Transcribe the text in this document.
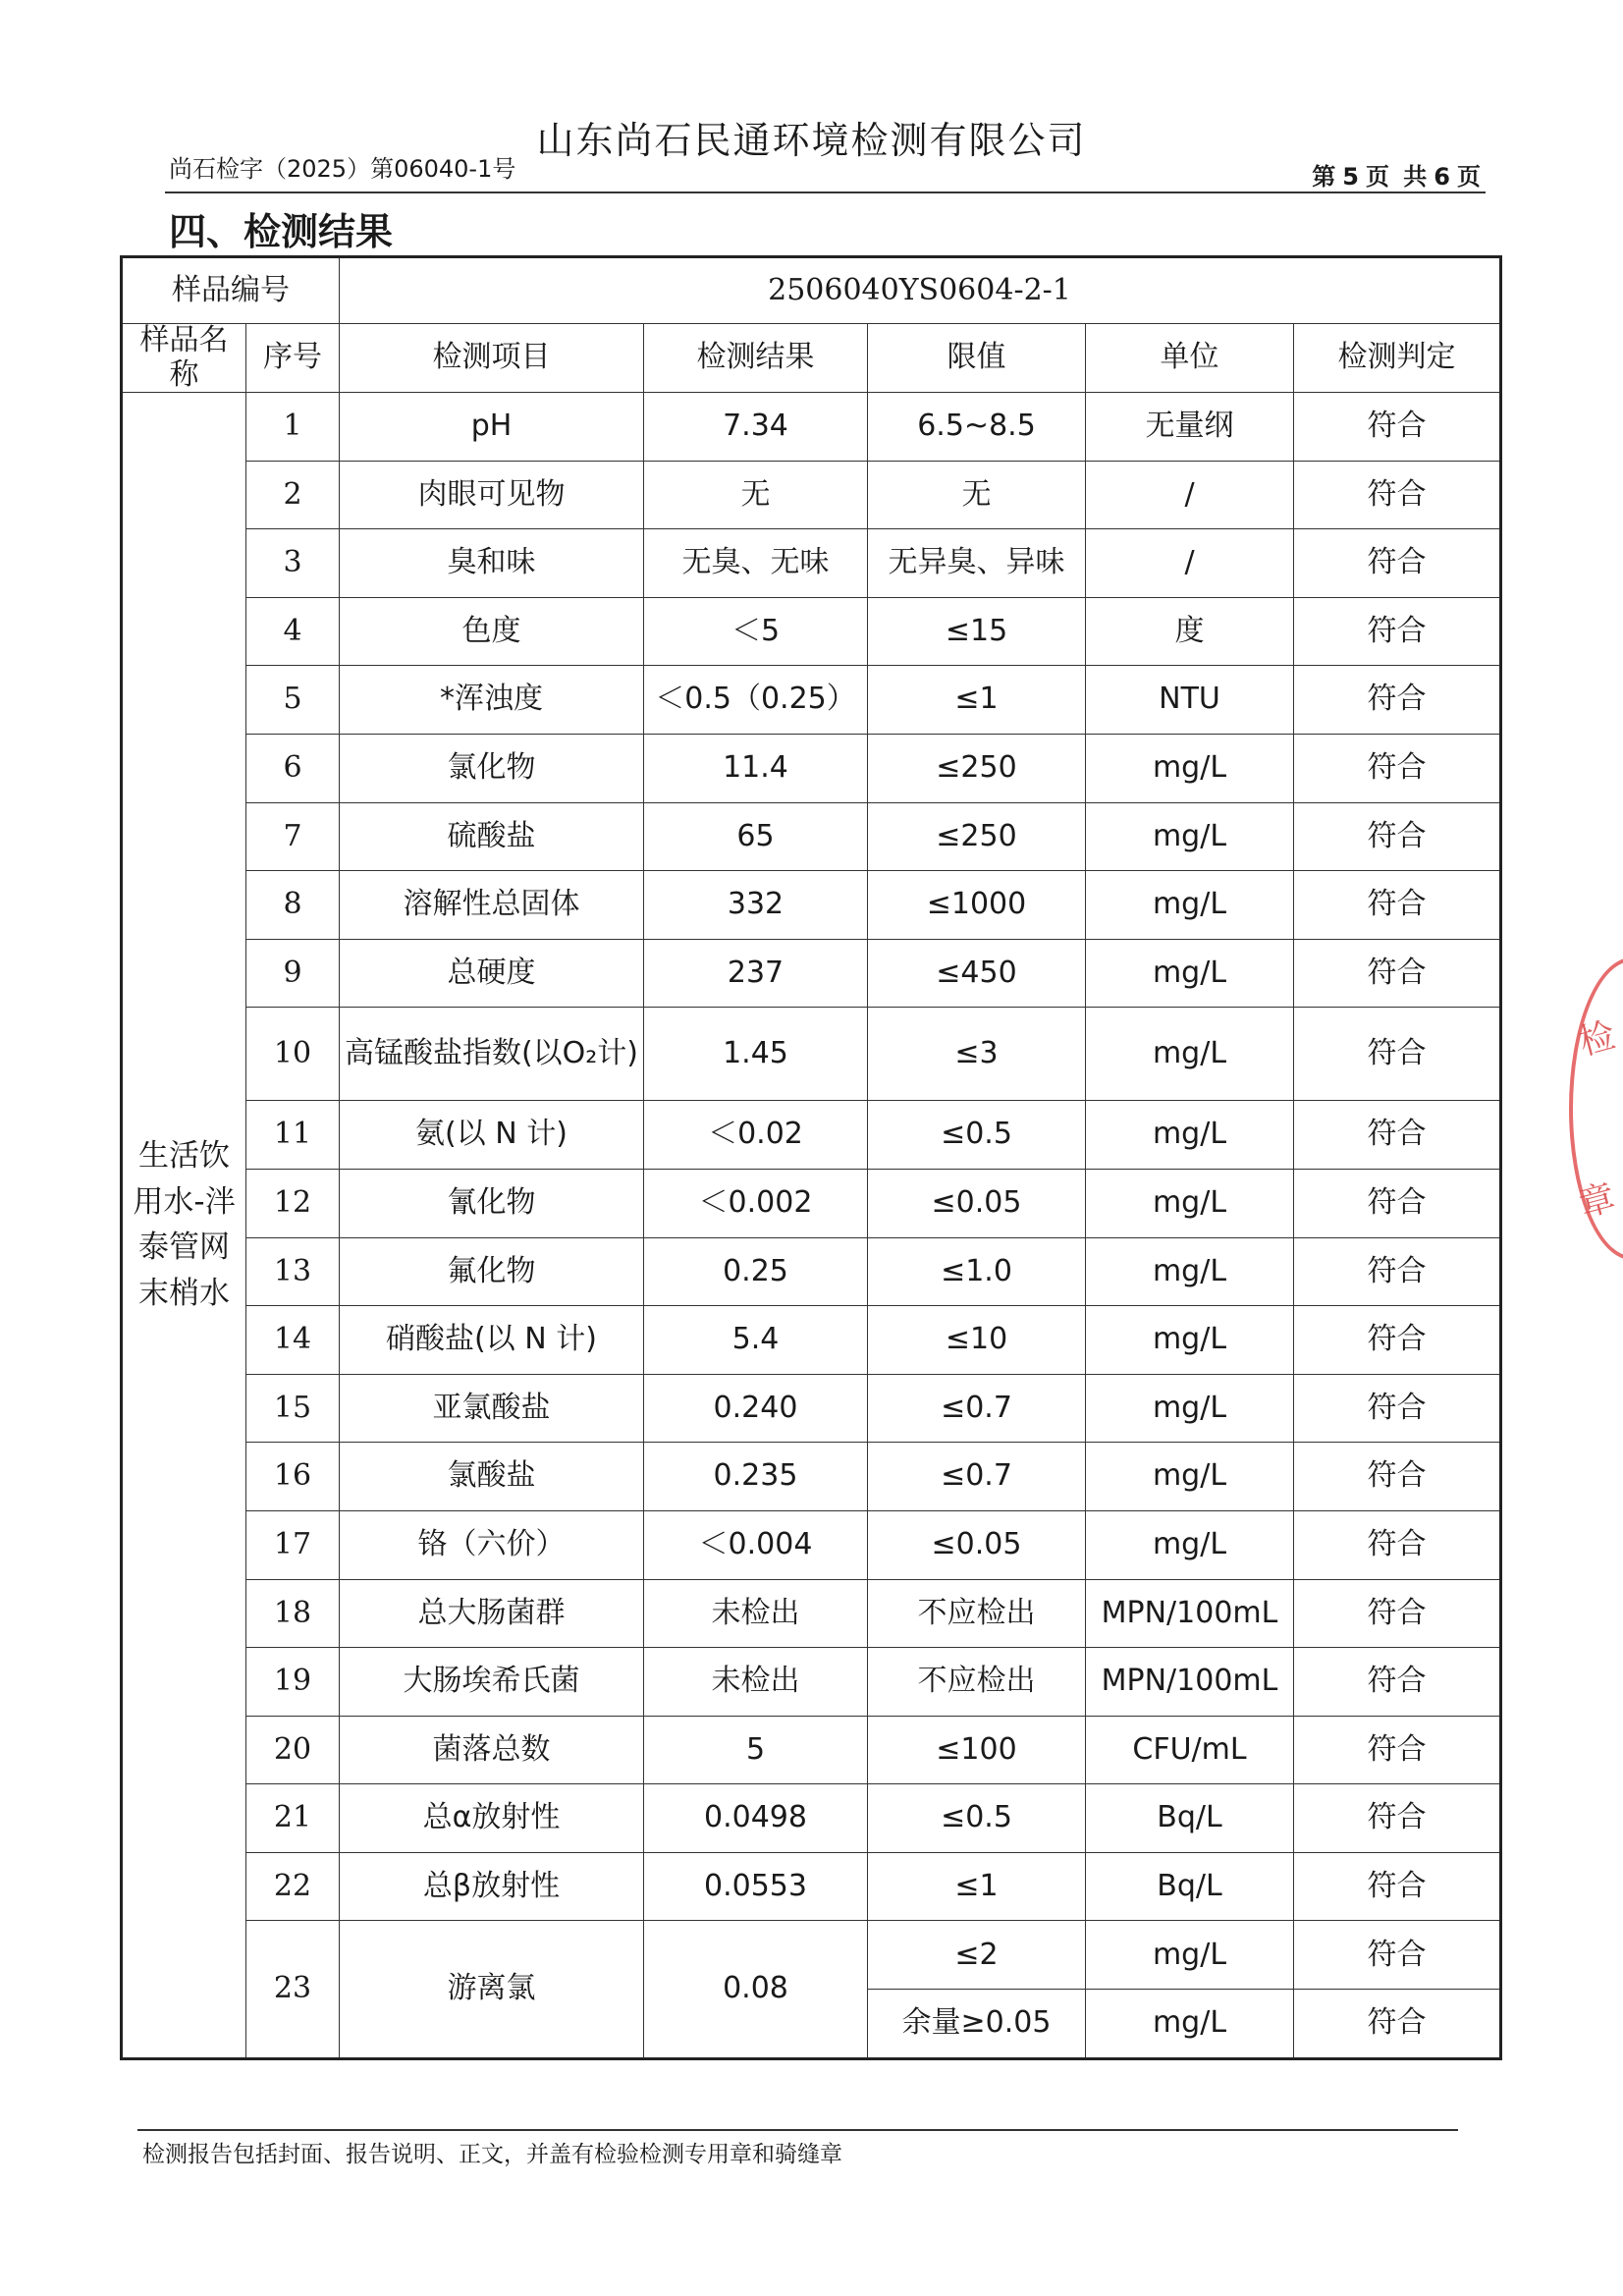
山东尚石民通环境检测有限公司
尚石检字（2025）第06040-1号	第 5 页 共 6 页
四、检测结果
样品编号		2506040YS0604-2-1				
样品名称	序号	检测项目	检测结果	限值	单位	检测判定
生活饮用水-泮泰管网末梢水	1	pH	7.34	6.5~8.5	无量纲	符合
	2	肉眼可见物	无	无	/	符合
	3	臭和味	无臭、无味	无异臭、异味	/	符合
	4	色度	＜5	≤15	度	符合
	5	*浑浊度	＜0.5（0.25）	≤1	NTU	符合
	6	氯化物	11.4	≤250	mg/L	符合
	7	硫酸盐	65	≤250	mg/L	符合
	8	溶解性总固体	332	≤1000	mg/L	符合
	9	总硬度	237	≤450	mg/L	符合
	10	高锰酸盐指数(以O₂计)	1.45	≤3	mg/L	符合
	11	氨(以 N 计)	＜0.02	≤0.5	mg/L	符合
	12	氰化物	＜0.002	≤0.05	mg/L	符合
	13	氟化物	0.25	≤1.0	mg/L	符合
	14	硝酸盐(以 N 计)	5.4	≤10	mg/L	符合
	15	亚氯酸盐	0.240	≤0.7	mg/L	符合
	16	氯酸盐	0.235	≤0.7	mg/L	符合
	17	铬（六价）	＜0.004	≤0.05	mg/L	符合
	18	总大肠菌群	未检出	不应检出	MPN/100mL	符合
	19	大肠埃希氏菌	未检出	不应检出	MPN/100mL	符合
	20	菌落总数	5	≤100	CFU/mL	符合
	21	总α放射性	0.0498	≤0.5	Bq/L	符合
	22	总β放射性	0.0553	≤1	Bq/L	符合
	23	游离氯	0.08	≤2	mg/L	符合
				余量≥0.05	mg/L	符合
检测报告包括封面、报告说明、正文，并盖有检验检测专用章和骑缝章
检
章
